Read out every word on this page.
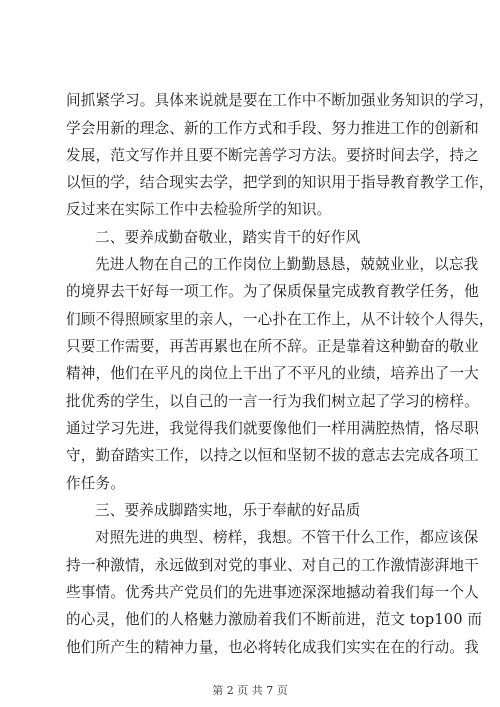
间抓紧学习。具体来说就是要在工作中不断加强业务知识的学习，
学会用新的理念、新的工作方式和手段、努力推进工作的创新和
发展，范文写作并且要不断完善学习方法。要挤时间去学，持之
以恒的学，结合现实去学，把学到的知识用于指导教育教学工作，
反过来在实际工作中去检验所学的知识。
二、要养成勤奋敬业，踏实肯干的好作风
先进人物在自己的工作岗位上勤勤恳恳，兢兢业业，以忘我
的境界去干好每一项工作。为了保质保量完成教育教学任务，他
们顾不得照顾家里的亲人，一心扑在工作上，从不计较个人得失，
只要工作需要，再苦再累也在所不辞。正是靠着这种勤奋的敬业
精神，他们在平凡的岗位上干出了不平凡的业绩，培养出了一大
批优秀的学生，以自己的一言一行为我们树立起了学习的榜样。
通过学习先进，我觉得我们就要像他们一样用满腔热情，恪尽职
守，勤奋踏实工作，以持之以恒和坚韧不拔的意志去完成各项工
作任务。
三、要养成脚踏实地，乐于奉献的好品质
对照先进的典型、榜样，我想。不管干什么工作，都应该保
持一种激情，永远做到对党的事业、对自己的工作激情澎湃地干
些事情。优秀共产党员们的先进事迹深深地撼动着我们每一个人
的心灵，他们的人格魅力激励着我们不断前进，范文 top100 而
他们所产生的精神力量，也必将转化成我们实实在在的行动。我
第 2 页 共 7 页
